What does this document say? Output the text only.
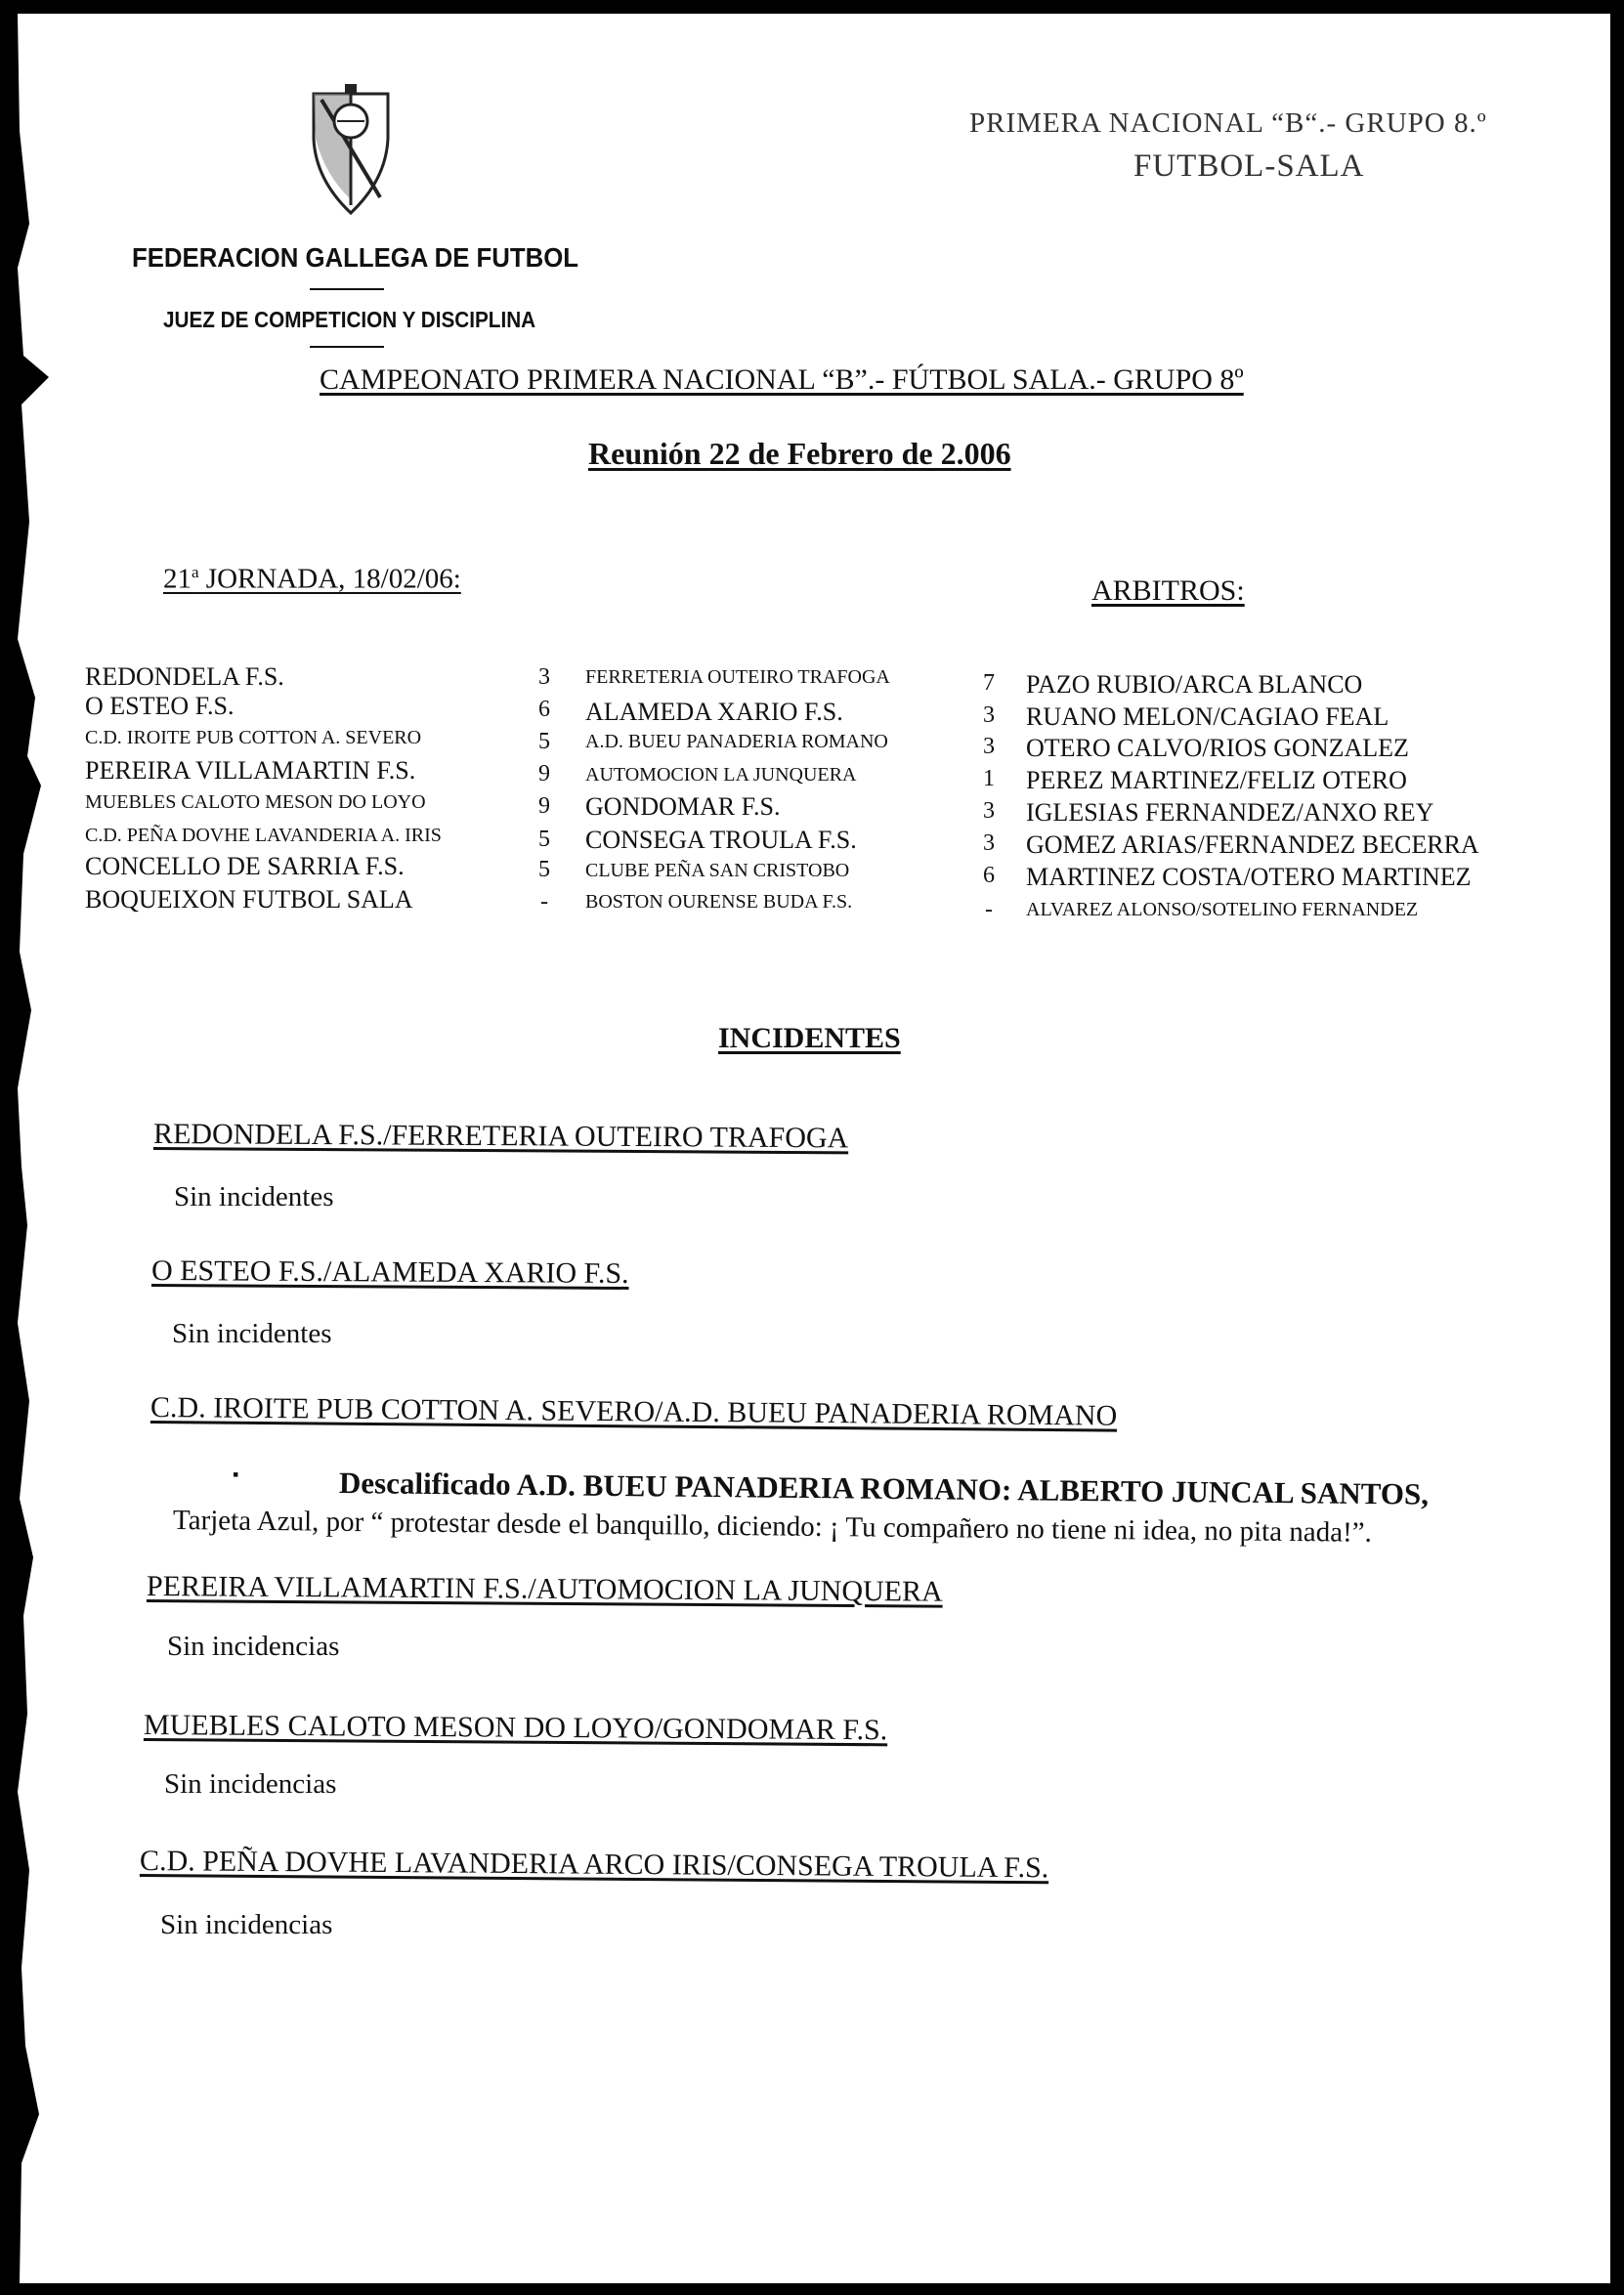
FEDERACION GALLEGA DE FUTBOL
JUEZ DE COMPETICION Y DISCIPLINA
PRIMERA NACIONAL “B“.- GRUPO 8.º
FUTBOL-SALA
CAMPEONATO PRIMERA NACIONAL “B”.- FÚTBOL SALA.- GRUPO 8º
Reunión 22 de Febrero de 2.006
21$^a$ JORNADA, 18/02/06:	ARBITROS:
REDONDELA F.S.	3	FERRETERIA OUTEIRO TRAFOGA	7	PAZO RUBIO/ARCA BLANCO
O ESTEO F.S.	6	ALAMEDA XARIO F.S.	3	RUANO MELON/CAGIAO FEAL
C.D. IROITE PUB COTTON A. SEVERO	5	A.D. BUEU PANADERIA ROMANO	3	OTERO CALVO/RIOS GONZALEZ
PEREIRA VILLAMARTIN F.S.	9	AUTOMOCION LA JUNQUERA	1	PEREZ MARTINEZ/FELIZ OTERO
MUEBLES CALOTO MESON DO LOYO	9	GONDOMAR F.S.	3	IGLESIAS FERNANDEZ/ANXO REY
C.D. PEÑA DOVHE LAVANDERIA A. IRIS	5	CONSEGA TROULA F.S.	3	GOMEZ ARIAS/FERNANDEZ BECERRA
CONCELLO DE SARRIA F.S.	5	CLUBE PEÑA SAN CRISTOBO	6	MARTINEZ COSTA/OTERO MARTINEZ
BOQUEIXON FUTBOL SALA	-	BOSTON OURENSE BUDA F.S.	-	ALVAREZ ALONSO/SOTELINO FERNANDEZ
INCIDENTES
REDONDELA F.S./FERRETERIA OUTEIRO TRAFOGA
Sin incidentes
O ESTEO F.S./ALAMEDA XARIO F.S.
Sin incidentes
C.D. IROITE PUB COTTON A. SEVERO/A.D. BUEU PANADERIA ROMANO
▪	Descalificado A.D. BUEU PANADERIA ROMANO: ALBERTO JUNCAL SANTOS,
Tarjeta Azul, por “ protestar desde el banquillo, diciendo: ¡ Tu compañero no tiene ni idea, no pita nada!”.
PEREIRA VILLAMARTIN F.S./AUTOMOCION LA JUNQUERA
Sin incidencias
MUEBLES CALOTO MESON DO LOYO/GONDOMAR F.S.
Sin incidencias
C.D. PEÑA DOVHE LAVANDERIA ARCO IRIS/CONSEGA TROULA F.S.
Sin incidencias
